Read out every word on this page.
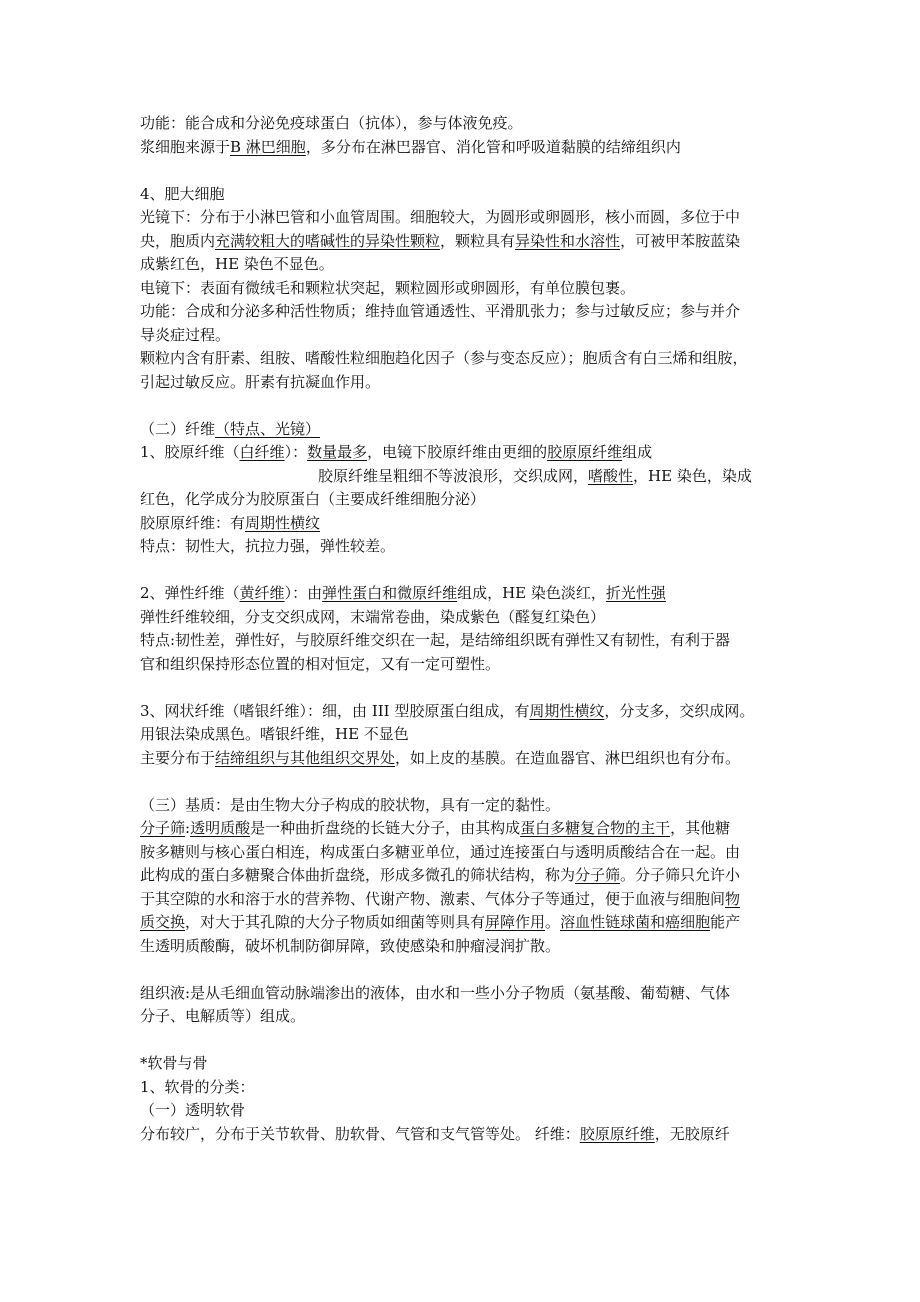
功能：能合成和分泌免疫球蛋白（抗体），参与体液免疫。
浆细胞来源于B 淋巴细胞，多分布在淋巴器官、消化管和呼吸道黏膜的结缔组织内
4、肥大细胞
光镜下：分布于小淋巴管和小血管周围。细胞较大，为圆形或卵圆形，核小而圆，多位于中
央，胞质内充满较粗大的嗜碱性的异染性颗粒，颗粒具有异染性和水溶性，可被甲苯胺蓝染
成紫红色，HE 染色不显色。
电镜下：表面有微绒毛和颗粒状突起，颗粒圆形或卵圆形，有单位膜包裹。
功能：合成和分泌多种活性物质；维持血管通透性、平滑肌张力；参与过敏反应；参与并介
导炎症过程。
颗粒内含有肝素、组胺、嗜酸性粒细胞趋化因子（参与变态反应）；胞质含有白三烯和组胺，
引起过敏反应。肝素有抗凝血作用。
（二）纤维（特点、光镜）
1、胶原纤维（白纤维）：数量最多，电镜下胶原纤维由更细的胶原原纤维组成
胶原纤维呈粗细不等波浪形，交织成网，嗜酸性，HE 染色，染成
红色，化学成分为胶原蛋白（主要成纤维细胞分泌）
胶原原纤维：有周期性横纹
特点：韧性大，抗拉力强，弹性较差。
2、弹性纤维（黄纤维）：由弹性蛋白和微原纤维组成，HE 染色淡红，折光性强
弹性纤维较细，分支交织成网，末端常卷曲，染成紫色（醛复红染色）
特点:韧性差，弹性好，与胶原纤维交织在一起，是结缔组织既有弹性又有韧性，有利于器
官和组织保持形态位置的相对恒定，又有一定可塑性。
3、网状纤维（嗜银纤维）：细，由 III 型胶原蛋白组成，有周期性横纹，分支多，交织成网。
用银法染成黑色。嗜银纤维，HE 不显色
主要分布于结缔组织与其他组织交界处，如上皮的基膜。在造血器官、淋巴组织也有分布。
（三）基质：是由生物大分子构成的胶状物，具有一定的黏性。
分子筛:透明质酸是一种曲折盘绕的长链大分子，由其构成蛋白多糖复合物的主干，其他糖
胺多糖则与核心蛋白相连，构成蛋白多糖亚单位，通过连接蛋白与透明质酸结合在一起。由
此构成的蛋白多糖聚合体曲折盘绕，形成多微孔的筛状结构，称为分子筛。分子筛只允许小
于其空隙的水和溶于水的营养物、代谢产物、激素、气体分子等通过，便于血液与细胞间物
质交换，对大于其孔隙的大分子物质如细菌等则具有屏障作用。溶血性链球菌和癌细胞能产
生透明质酸酶，破坏机制防御屏障，致使感染和肿瘤浸润扩散。
组织液:是从毛细血管动脉端渗出的液体，由水和一些小分子物质（氨基酸、葡萄糖、气体
分子、电解质等）组成。
*软骨与骨
1、软骨的分类：
（一）透明软骨
分布较广，分布于关节软骨、肋软骨、气管和支气管等处。 纤维：胶原原纤维，无胶原纤
